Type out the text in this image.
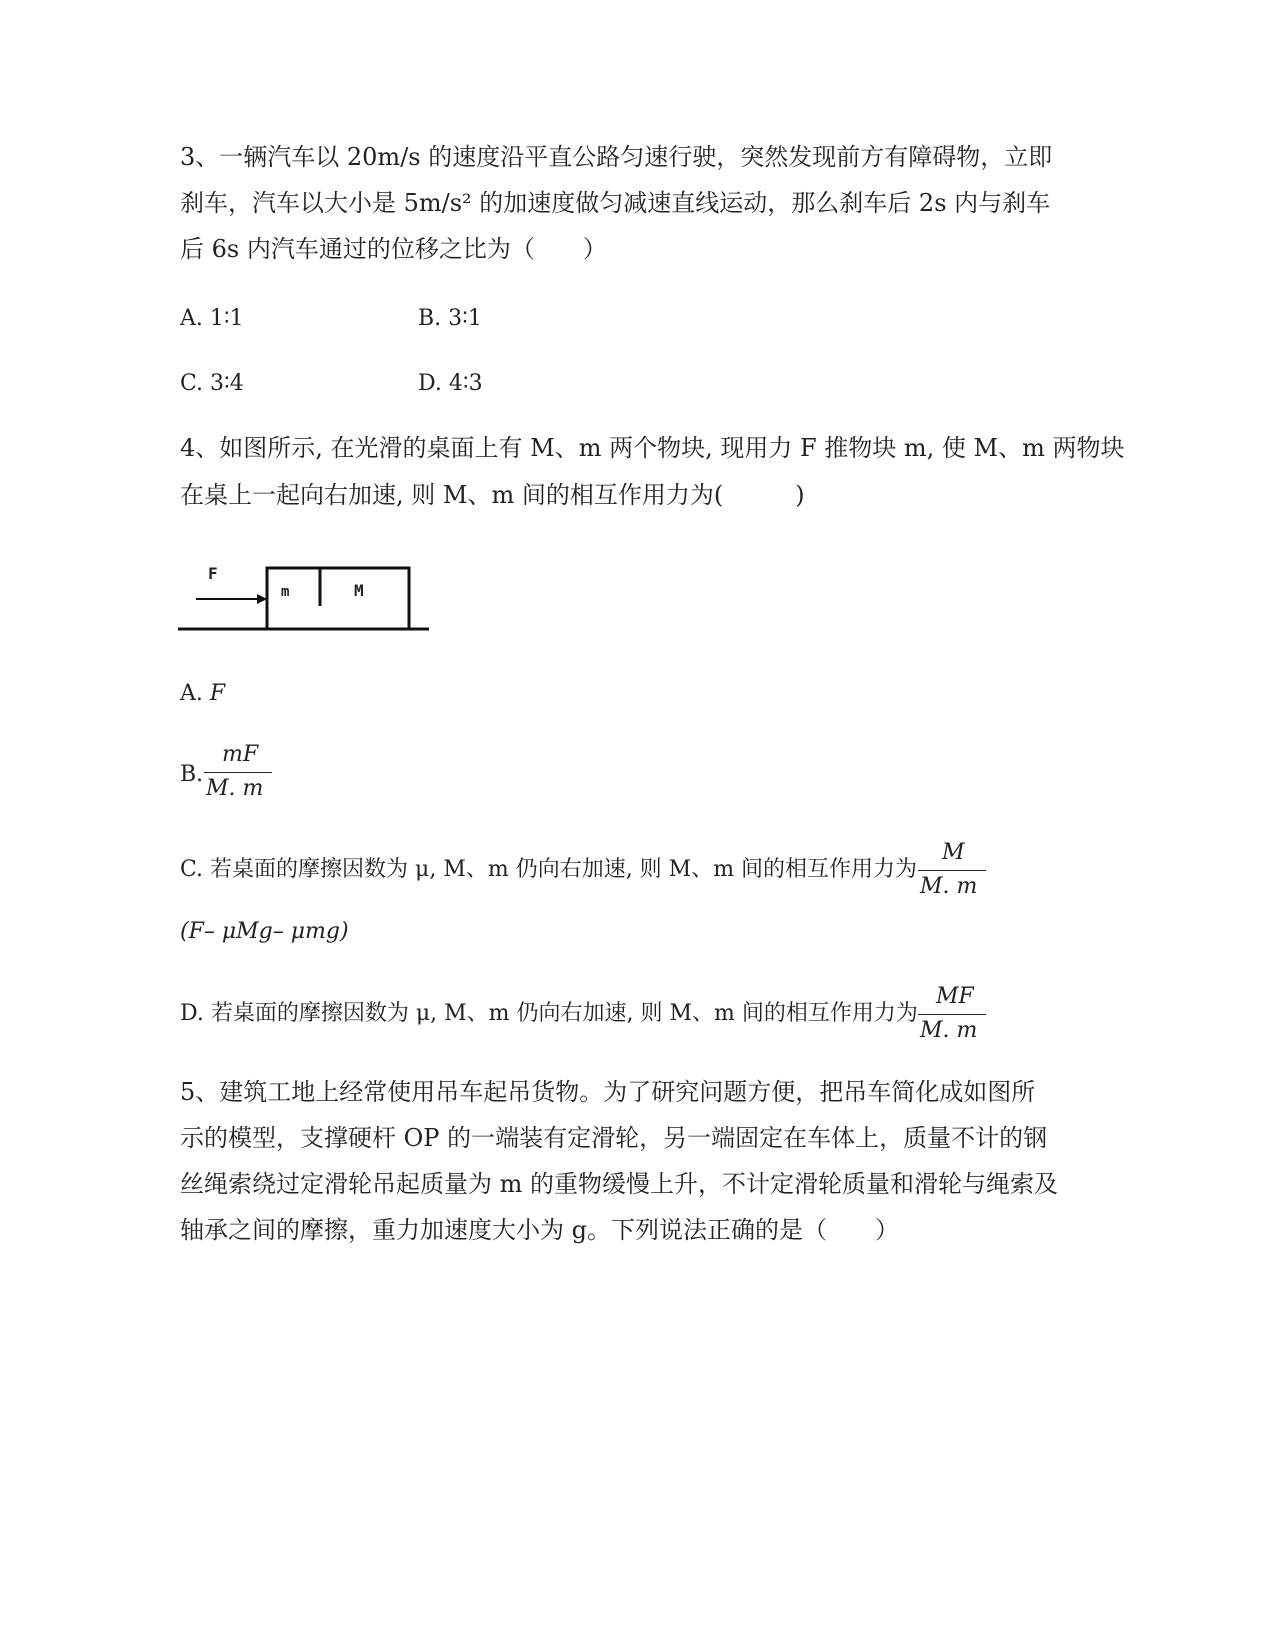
3、一辆汽车以 20m/s 的速度沿平直公路匀速行驶，突然发现前方有障碍物，立即
刹车，汽车以大小是 5m/s² 的加速度做匀减速直线运动，那么刹车后 2s 内与刹车
后 6s 内汽车通过的位移之比为（　　）
A. 1∶1	B. 3∶1
C. 3∶4	D. 4∶3
4、如图所示, 在光滑的桌面上有 M、m 两个物块, 现用力 F 推物块 m, 使 M、m 两物块
在桌上一起向右加速, 则 M、m 间的相互作用力为(　　　)
F
m	M
A. F
B.
mF
M. m
C. 若桌面的摩擦因数为 μ, M、m 仍向右加速, 则 M、m 间的相互作用力为
M
M. m
(F– μMg– μmg)
D. 若桌面的摩擦因数为 μ, M、m 仍向右加速, 则 M、m 间的相互作用力为
MF
M. m
5、建筑工地上经常使用吊车起吊货物。为了研究问题方便，把吊车简化成如图所
示的模型，支撑硬杆 OP 的一端装有定滑轮，另一端固定在车体上，质量不计的钢
丝绳索绕过定滑轮吊起质量为 m 的重物缓慢上升，不计定滑轮质量和滑轮与绳索及
轴承之间的摩擦，重力加速度大小为 g。下列说法正确的是（　　）
